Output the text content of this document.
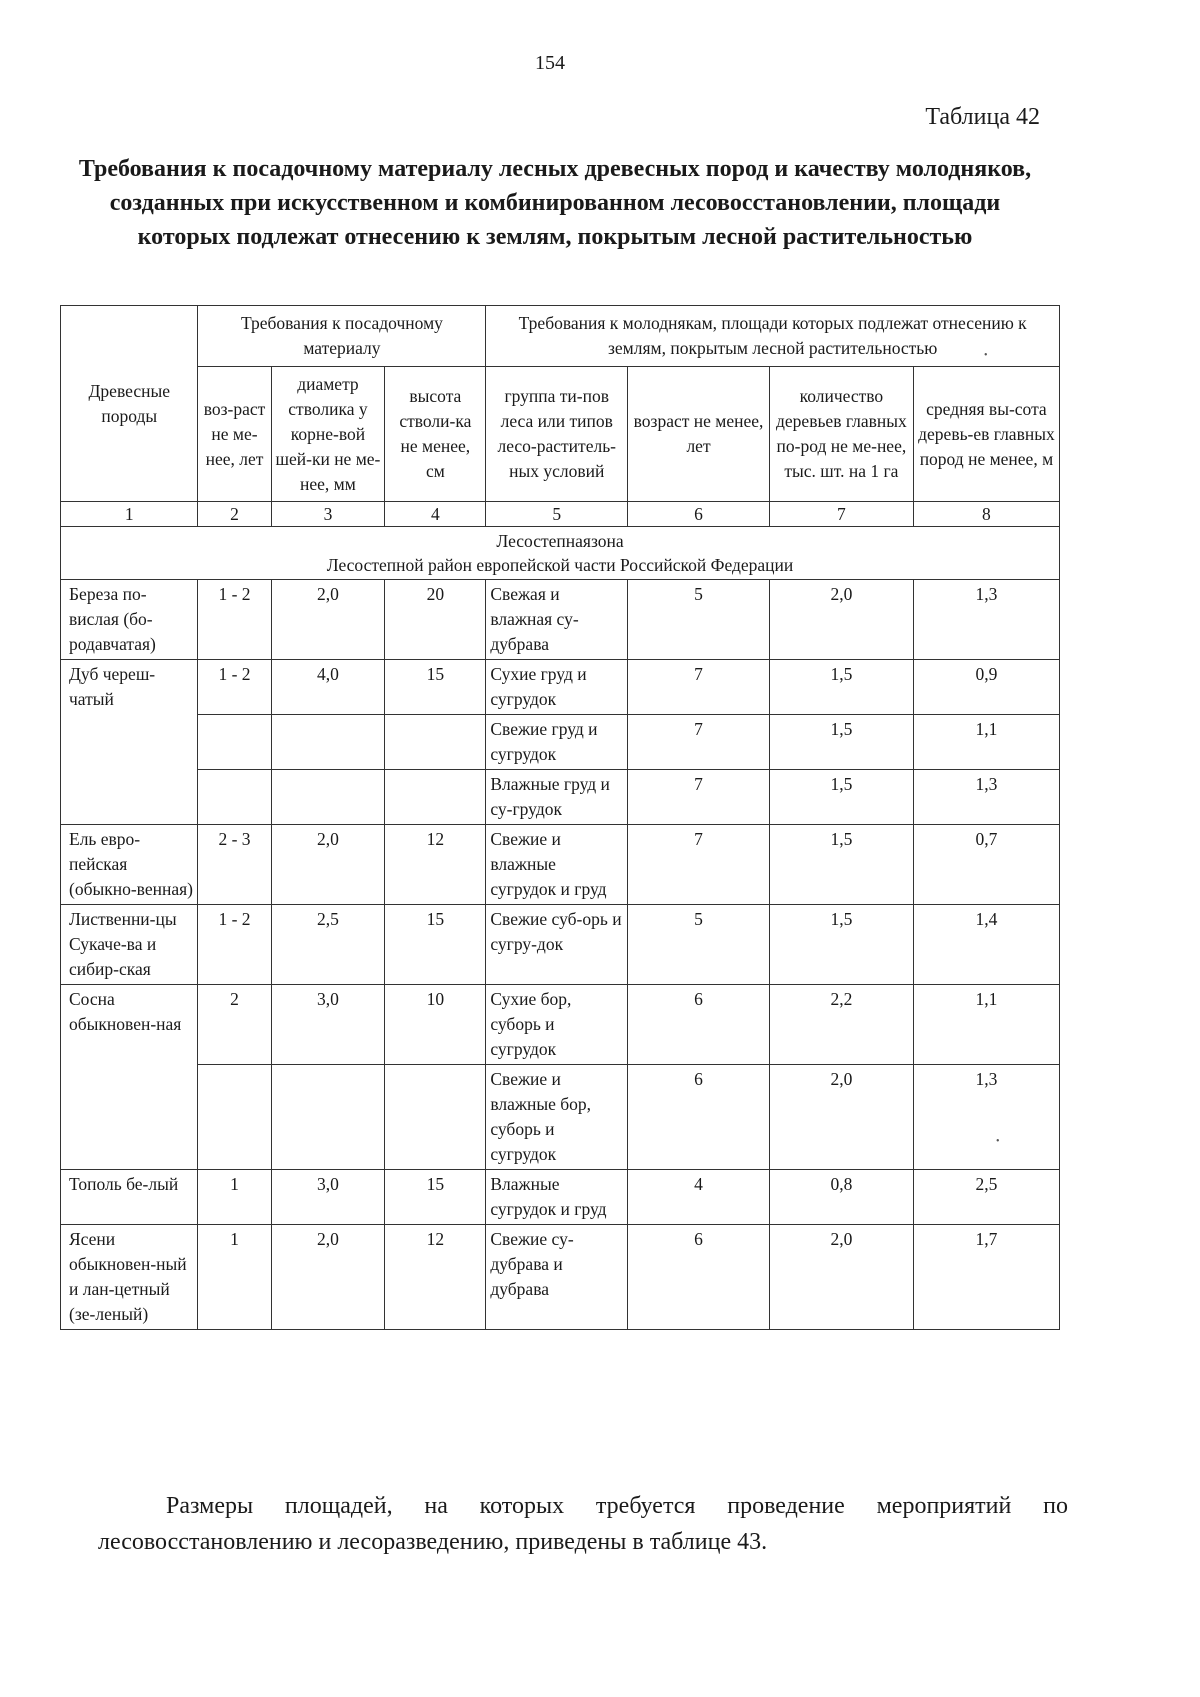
154
Таблица 42
Требования к посадочному материалу лесных древесных пород и качеству молодняков, созданных при искусственном и комбинированном лесовосстановлении, площади которых подлежат отнесению к землям, покрытым лесной растительностью
Древесные породы	Требования к посадочному материалу			Требования к молоднякам, площади которых подлежат отнесению к землям, покрытым лесной растительностью			
	воз-раст не ме-нее, лет	диаметр стволика у корне-вой шей-ки не ме-нее, мм	высота стволи-ка не менее, см	группа ти-пов леса или типов лесо-раститель-ных условий	возраст не менее, лет	количество деревьев главных по-род не ме-нее, тыс. шт. на 1 га	средняя вы-сота деревь-ев главных пород не менее, м
1	2	3	4	5	6	7	8

Лесостепнаязона
Лесостепной район европейской части Российской Федерации							

Береза по-вислая (бо-родавчатая)	1 - 2	2,0	20	Свежая и влажная су-дубрава	5	2,0	1,3
Дуб череш-чатый	1 - 2	4,0	15	Сухие груд и сугрудок	7	1,5	0,9
				Свежие груд и сугрудок	7	1,5	1,1
				Влажные груд и су-грудок	7	1,5	1,3
Ель евро-пейская (обыкно-венная)	2 - 3	2,0	12	Свежие и влажные сугрудок и груд	7	1,5	0,7
Лиственни-цы Сукаче-ва и сибир-ская	1 - 2	2,5	15	Свежие суб-орь и сугру-док	5	1,5	1,4
Сосна обыкновен-ная	2	3,0	10	Сухие бор, суборь и сугрудок	6	2,2	1,1
				Свежие и влажные бор, суборь и сугрудок	6	2,0	1,3
Тополь бе-лый	1	3,0	15	Влажные сугрудок и груд	4	0,8	2,5
Ясени обыкновен-ный и лан-цетный (зе-леный)	1	2,0	12	Свежие су-дубрава и дубрава	6	2,0	1,7
Размеры площадей, на которых требуется проведение мероприятий по лесовосстановлению и лесоразведению, приведены в таблице 43.
•
•
